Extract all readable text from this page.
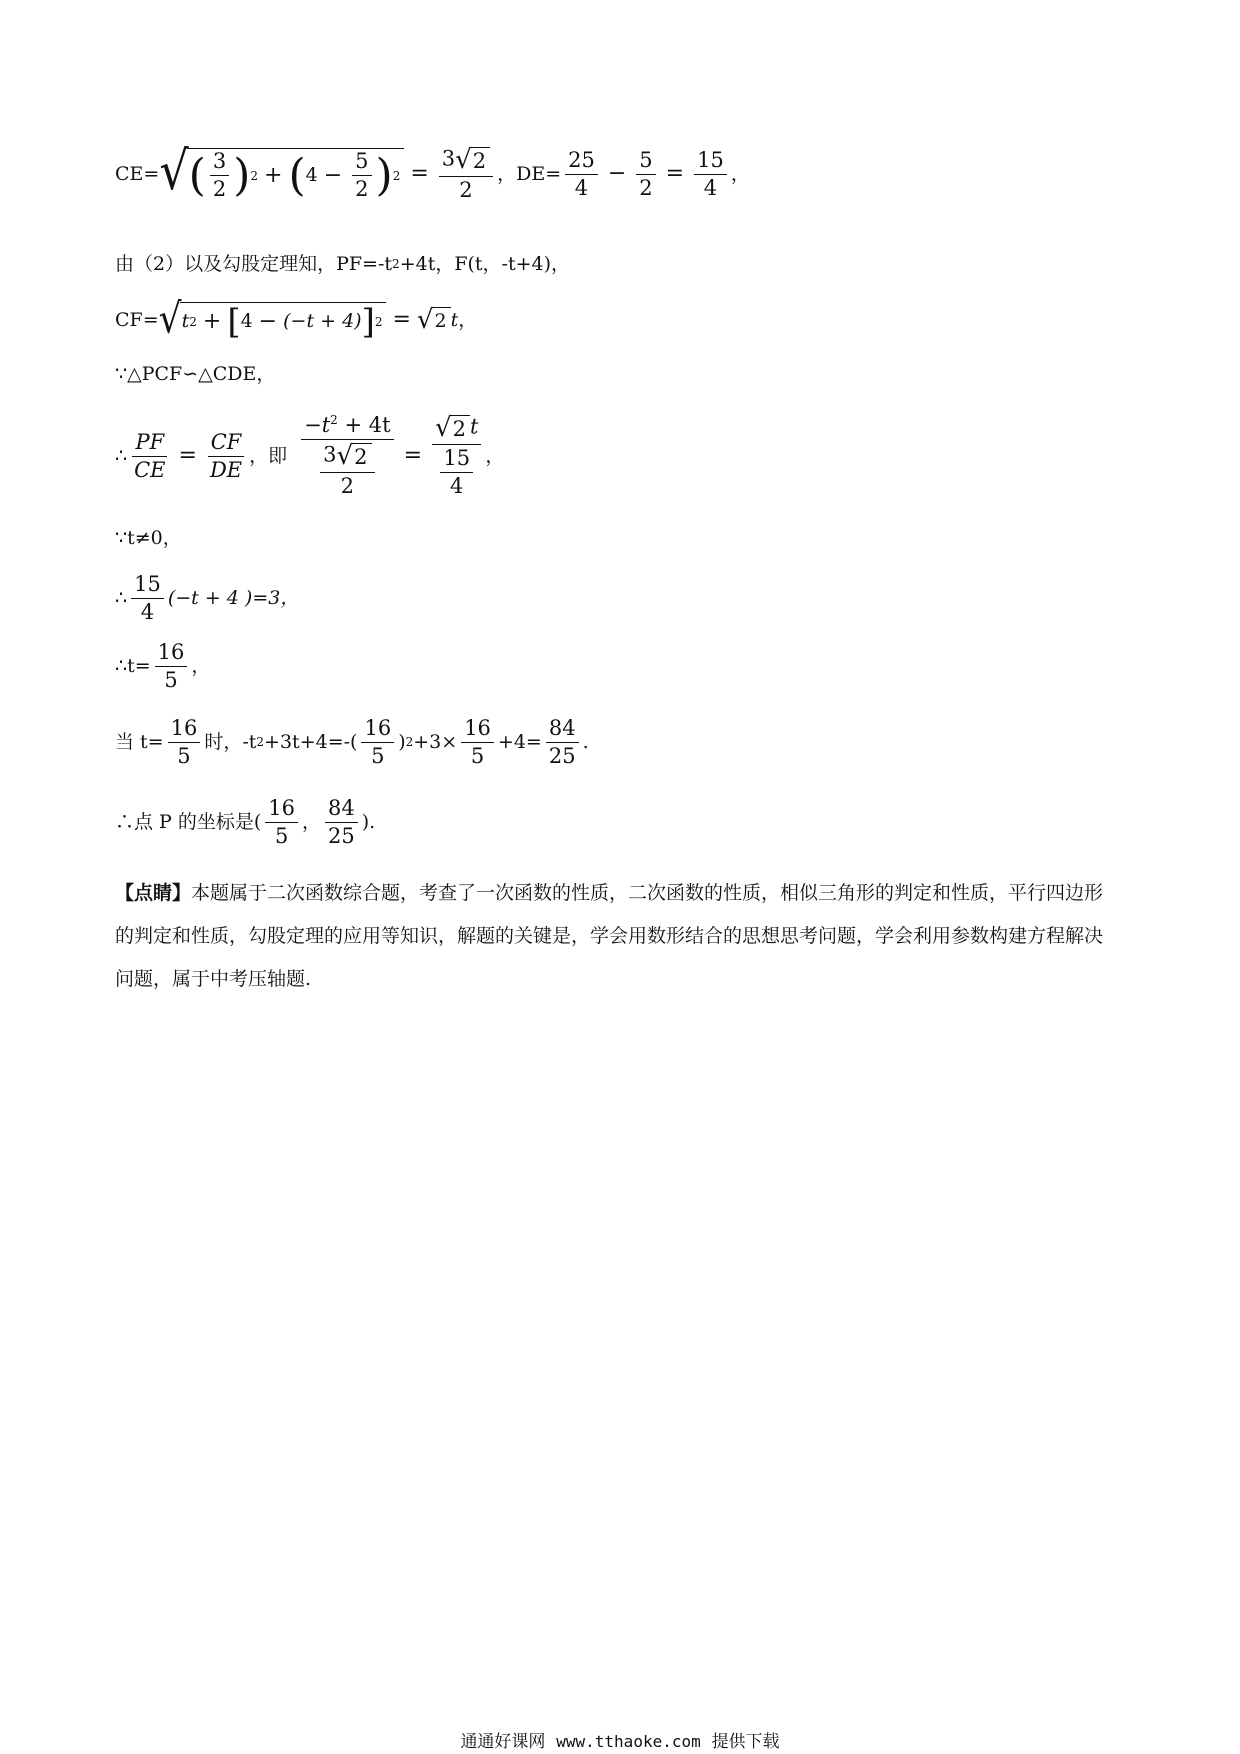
CE= √ ( $\frac{3}{2}$ ) 2 + ( $4 - \frac{5}{2}$ ) $2 = \frac{3 √ 2}{2}$ ，$DE= \frac{25}{4} - \frac{5}{2} = \frac{15}{4}$ ，
由（2）以及勾股定理知，PF=-t 2 +4t，F(t，-t+4)，
CF= √ t 2 + [ 4 − (−t + 4) ] 2 = √ 2 t ，
∵△PCF∽△CDE，
∴ $\frac{PF}{CE} = \frac{CF}{DE}$ ，即 $\frac{-t^2 + 4t}{\frac{3 √ 2}{2}} = \frac{√ 2 t}{\frac{15}{4}}$ ，
∵t≠0，
∴ $\frac{15}{4} (-t + 4$ )=3，
∴t= $\frac{16}{5}$ ，
当 $t= \frac{16}{5}$ 时，-t $2 +3t+4=-( \frac{16}{5}$ ) $2 +3\times \frac{16}{5} +4= \frac{84}{25}$ .
∴点 P 的坐标是( $\frac{16}{5}$ ， $\frac{84}{25}$ ).
【点睛】本题属于二次函数综合题，考查了一次函数的性质，二次函数的性质，相似三角形的判定和性质，平行四边形的判定和性质，勾股定理的应用等知识，解题的关键是，学会用数形结合的思想思考问题，学会利用参数构建方程解决问题，属于中考压轴题.
通通好课网 www.tthaoke.com 提供下载
